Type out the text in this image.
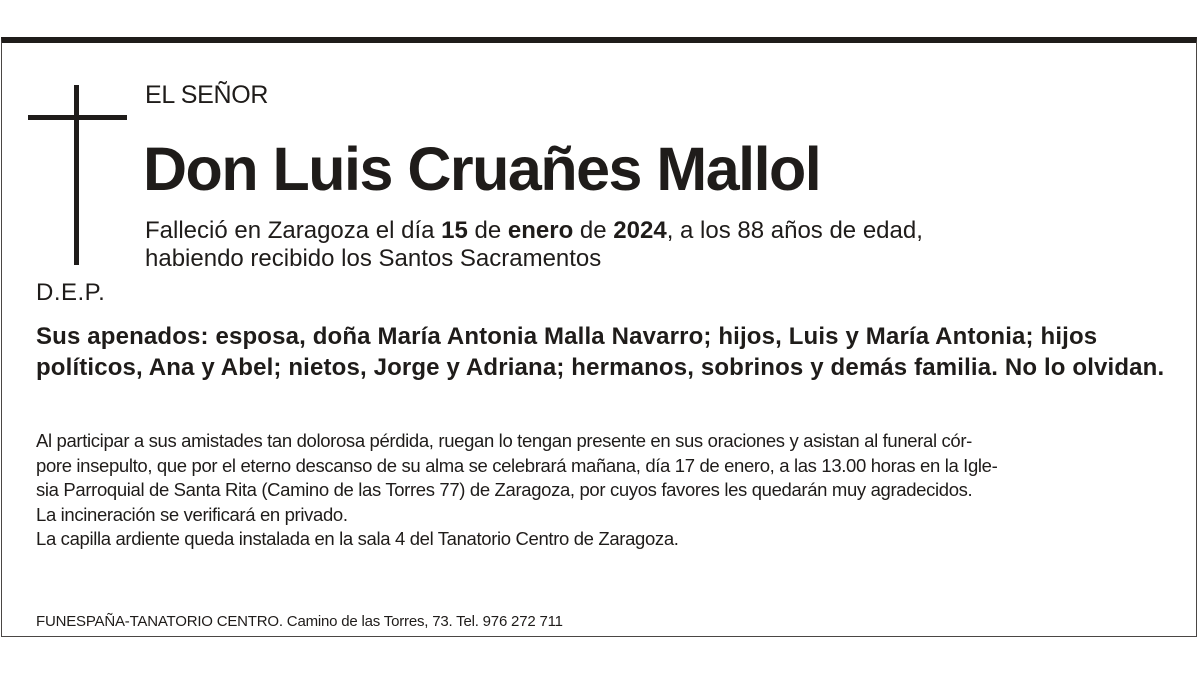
D.E.P.
EL SEÑOR
Don Luis Cruañes Mallol
Falleció en Zaragoza el día 15 de enero de 2024, a los 88 años de edad,
habiendo recibido los Santos Sacramentos
Sus apenados: esposa, doña María Antonia Malla Navarro; hijos, Luis y María Antonia; hijos políticos, Ana y Abel; nietos, Jorge y Adriana; hermanos, sobrinos y demás familia. No lo olvidan.
Al participar a sus amistades tan dolorosa pérdida, ruegan lo tengan presente en sus oraciones y asistan al funeral cór-
pore insepulto, que por el eterno descanso de su alma se celebrará mañana, día 17 de enero, a las 13.00 horas en la Igle-
sia Parroquial de Santa Rita (Camino de las Torres 77) de Zaragoza, por cuyos favores les quedarán muy agradecidos.
La incineración se verificará en privado.
La capilla ardiente queda instalada en la sala 4 del Tanatorio Centro de Zaragoza.
FUNESPAÑA-TANATORIO CENTRO. Camino de las Torres, 73. Tel. 976 272 711
